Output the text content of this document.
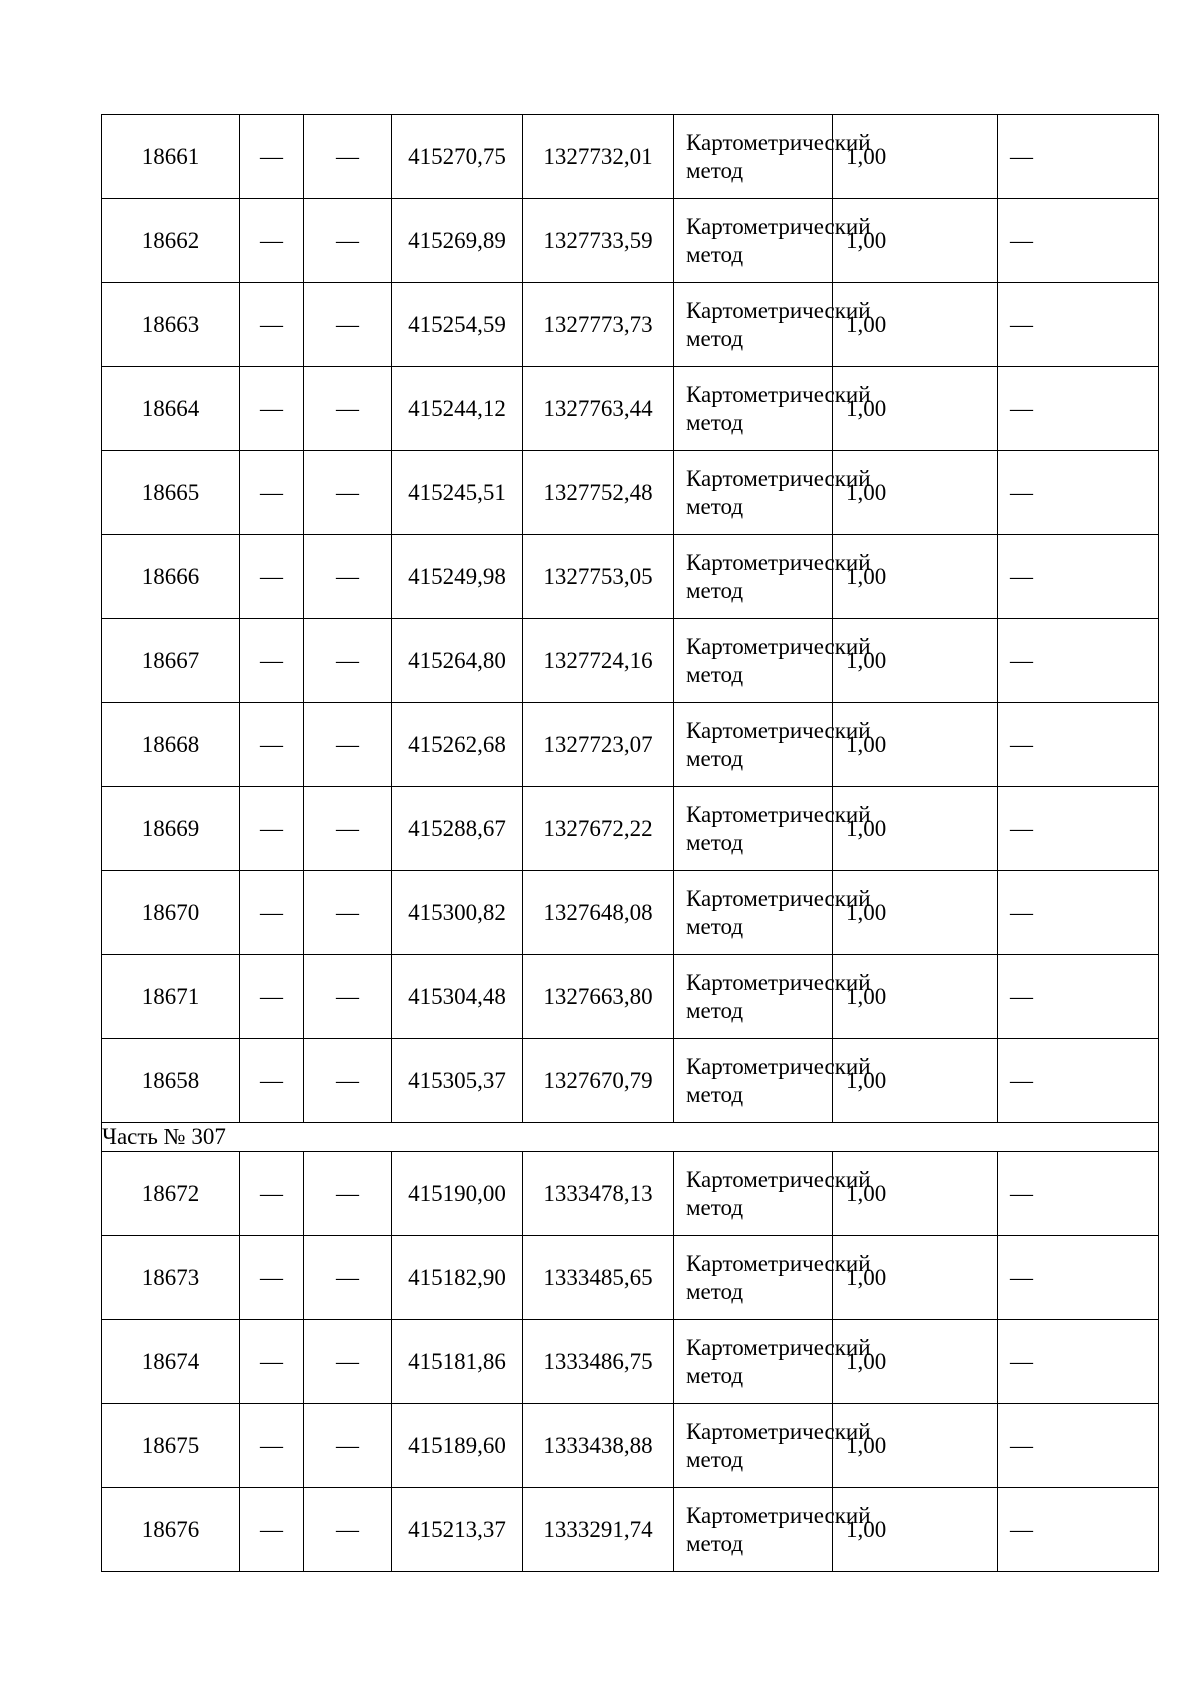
18661	—	—	415270,75	1327732,01	Картометрический метод	1,00	—
18662	—	—	415269,89	1327733,59	Картометрический метод	1,00	—
18663	—	—	415254,59	1327773,73	Картометрический метод	1,00	—
18664	—	—	415244,12	1327763,44	Картометрический метод	1,00	—
18665	—	—	415245,51	1327752,48	Картометрический метод	1,00	—
18666	—	—	415249,98	1327753,05	Картометрический метод	1,00	—
18667	—	—	415264,80	1327724,16	Картометрический метод	1,00	—
18668	—	—	415262,68	1327723,07	Картометрический метод	1,00	—
18669	—	—	415288,67	1327672,22	Картометрический метод	1,00	—
18670	—	—	415300,82	1327648,08	Картометрический метод	1,00	—
18671	—	—	415304,48	1327663,80	Картометрический метод	1,00	—
18658	—	—	415305,37	1327670,79	Картометрический метод	1,00	—
Часть № 307							
18672	—	—	415190,00	1333478,13	Картометрический метод	1,00	—
18673	—	—	415182,90	1333485,65	Картометрический метод	1,00	—
18674	—	—	415181,86	1333486,75	Картометрический метод	1,00	—
18675	—	—	415189,60	1333438,88	Картометрический метод	1,00	—
18676	—	—	415213,37	1333291,74	Картометрический метод	1,00	—
